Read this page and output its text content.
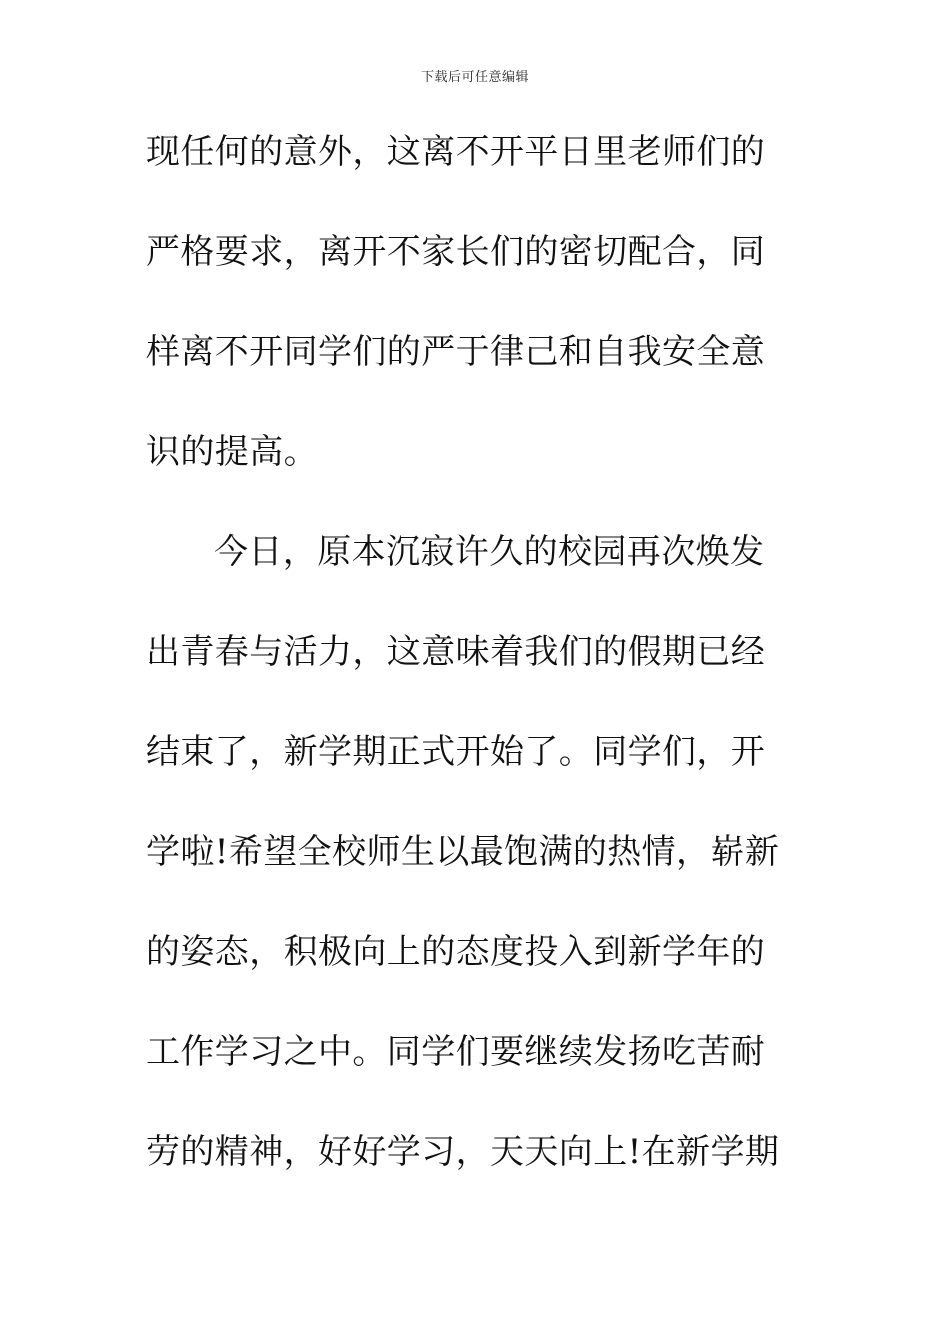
下载后可任意编辑
现任何的意外，这离不开平日里老师们的
严格要求，离开不家长们的密切配合，同
样离不开同学们的严于律己和自我安全意
识的提高。
今日，原本沉寂许久的校园再次焕发
出青春与活力，这意味着我们的假期已经
结束了，新学期正式开始了。同学们，开
学啦!希望全校师生以最饱满的热情，崭新
的姿态，积极向上的态度投入到新学年的
工作学习之中。同学们要继续发扬吃苦耐
劳的精神，好好学习，天天向上!在新学期
